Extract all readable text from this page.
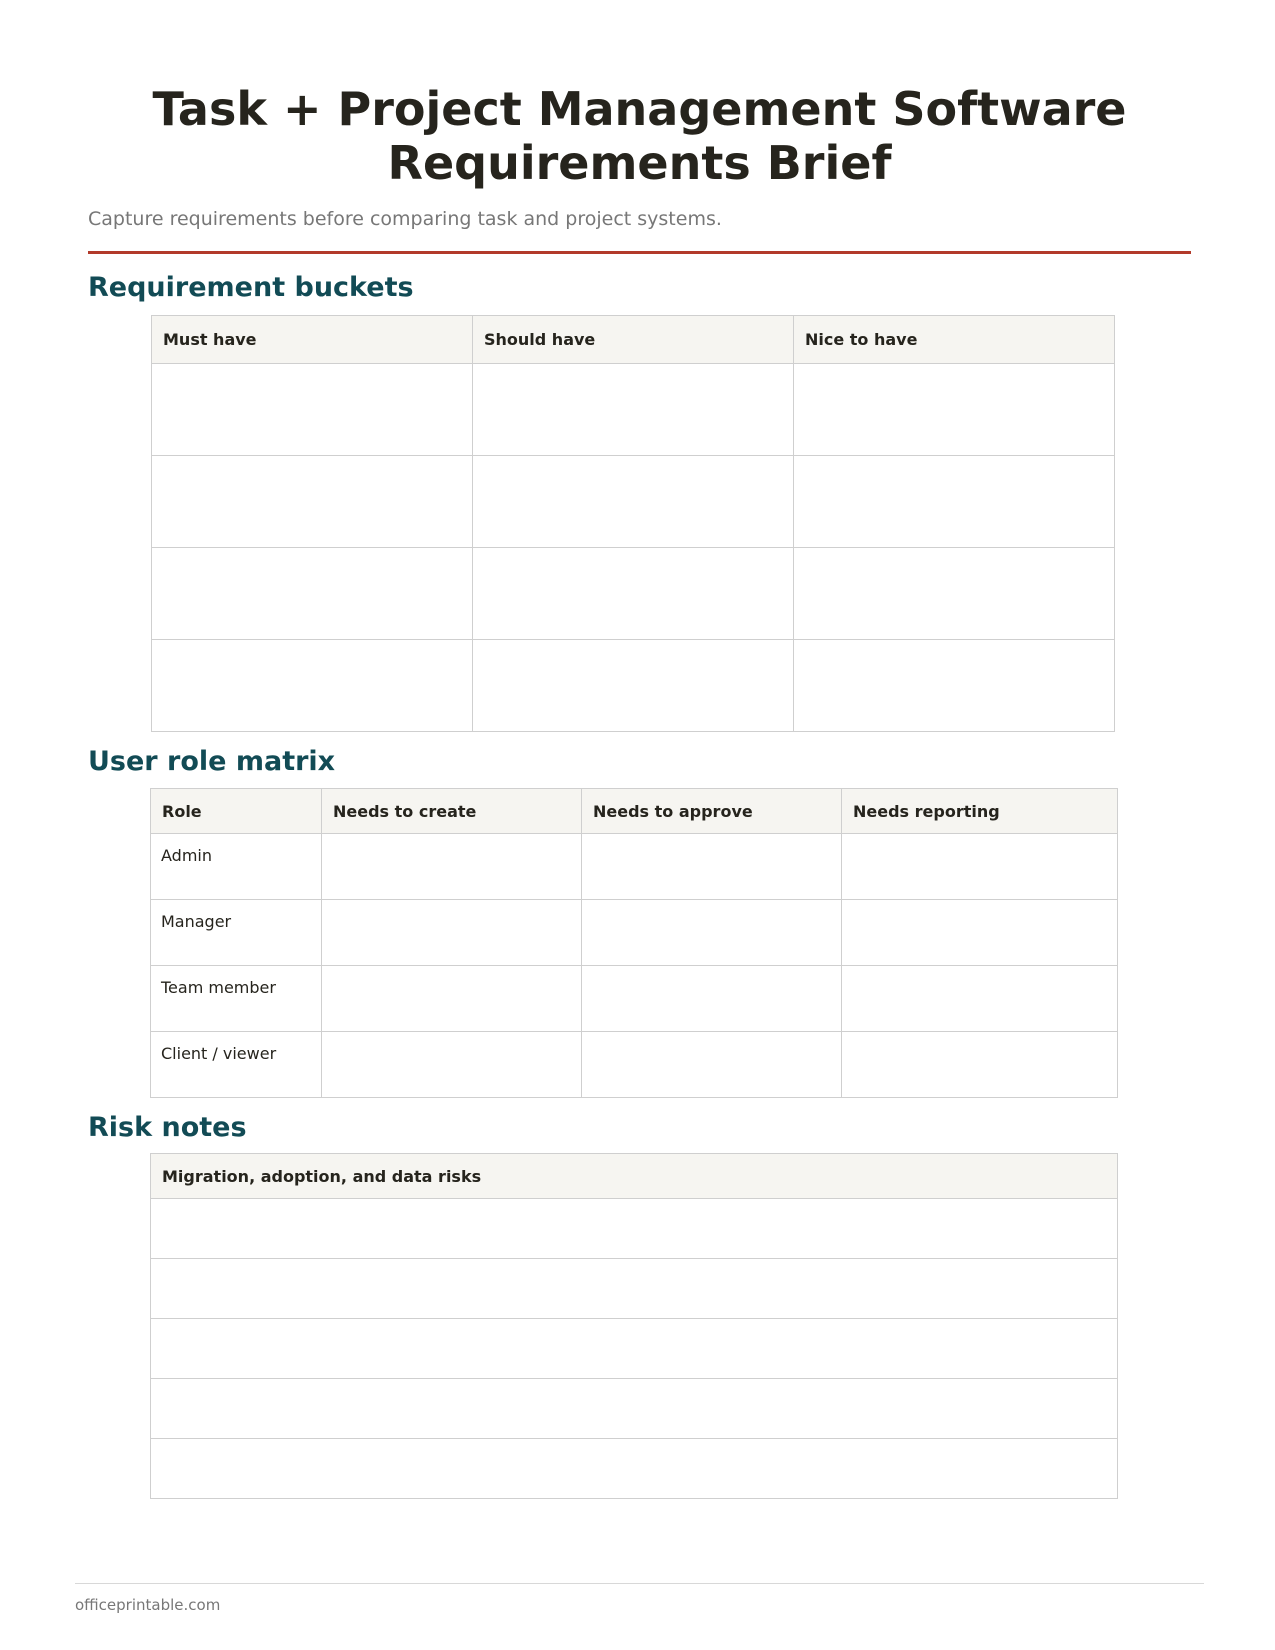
Task + Project Management Software Requirements Brief

Capture requirements before comparing task and project systems.

Requirement buckets
Must have	Should have	Nice to have

User role matrix
Role	Needs to create	Needs to approve	Needs reporting
Admin			
Manager			
Team member			
Client / viewer			
Risk notes
Migration, adoption, and data risks

officeprintable.com
